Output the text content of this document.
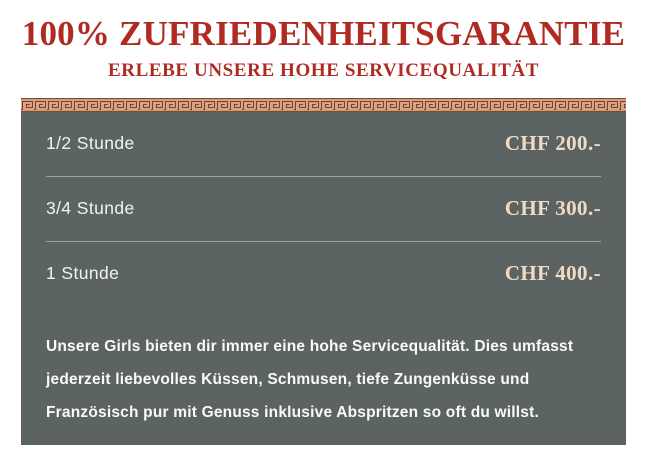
100% ZUFRIEDENHEITSGARANTIE
ERLEBE UNSERE HOHE SERVICEQUALITÄT
1/2 Stunde	CHF 200.-
3/4 Stunde	CHF 300.-
1 Stunde	CHF 400.-

Unsere Girls bieten dir immer eine hohe Servicequalität. Dies umfasst jederzeit liebevolles Küssen, Schmusen, tiefe Zungenküsse und Französisch pur mit Genuss inklusive Abspritzen so oft du willst.
